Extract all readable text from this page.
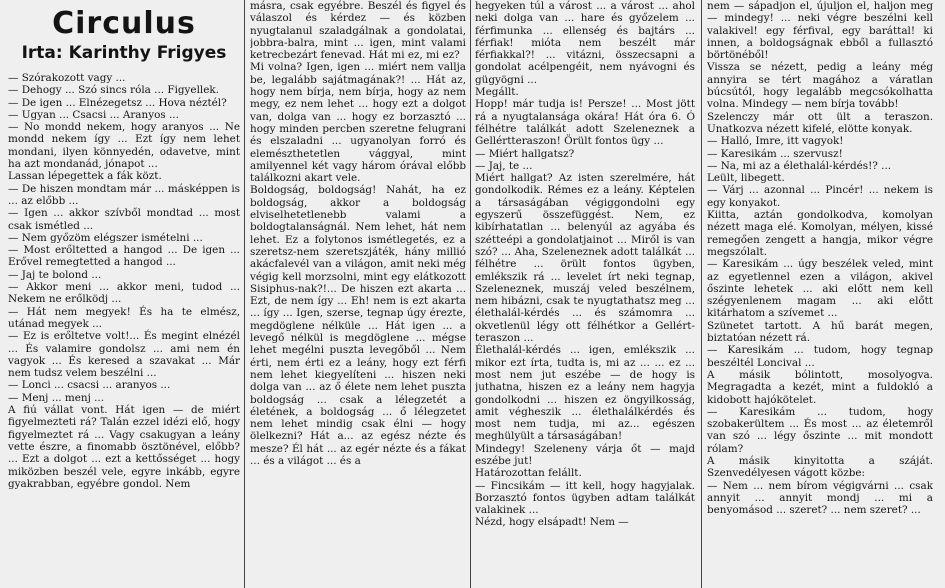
Circulus
Irta: Karinthy Frigyes

— Szórakozott vagy ...

— Dehogy ... Szó sincs róla ... Figyellek.

— De igen ... Elnézegetsz ... Hova néztél?

— Ugyan ... Csacsi ... Aranyos ...

— No mondd nekem, hogy aranyos ... Ne mondd nekem így ... Ezt így nem lehet mondani, ilyen könnyedén, odavetve, mint ha azt mondanád, jónapot ...

Lassan lépegettek a fák közt.

— De hiszen mondtam már ... másképpen is ... az előbb ...

— Igen ... akkor szívből mondtad ... most csak ismétled ...

— Nem győzöm elégszer ismételni ...

— Most erőltetted a hangod ... De igen ... Erővel remegtetted a hangod ...

— Jaj te bolond ...

— Akkor meni ... akkor meni, tudod ... Nekem ne erőlködj ...

— Hát nem megyek! És ha te elmész, utánad megyek ...

— Ez is erőltetve volt!... És megint elnézél ... És valamire gondolsz ... ami nem én vagyok ... És keresed a szavakat ... Már nem tudsz velem beszélni ...

— Lonci ... csacsi ... aranyos ...

— Menj ... menj ...

A fiú vállat vont. Hát igen — de miért figyelmezteti rá? Talán ezzel idézi elő, hogy figyelmeztet rá ... Vagy csakugyan a leány vette észre, a finomabb ösztönével, előbb? ... Ezt a dolgot ... ezt a kettősséget ... hogy miközben beszél vele, egyre inkább, egyre gyakrabban, egyébre gondol. Nem

másra, csak egyébre. Beszél és figyel és válaszol és kérdez — és közben nyugtalanul szaladgálnak a gondolatai, jobbra-balra, mint ... igen, mint valami ketrecbezárt fenevad. Hát mi ez, mi ez?

Mi volna? Igen, igen ... miért nem vallja be, legalább sajátmagának?! ... Hát az, hogy nem bírja, nem bírja, hogy az nem megy, ez nem lehet ... hogy ezt a dolgot van, dolga van ... hogy ez borzasztó ... hogy minden percben szeretne felugrani és elszaladni ... ugyanolyan forró és elemészthetetlen vággyal, mint amilyennel két vagy három órával előbb találkozni akart vele.

Boldogság, boldogság! Nahát, ha ez boldogság, akkor a boldogság elviselhetetlenebb valami a boldogtalanságnál. Nem lehet, hát nem lehet. Ez a folytonos ismétlegetés, ez a szeretsz-nem szeretszjáték, hány millió akácfalevél van a világon, amit neki még végig kell morzsolni, mint egy elátkozott Sisiphus-nak?!... De hiszen ezt akarta ... Ezt, de nem így ... Eh! nem is ezt akarta ... így ... Igen, szerse, tegnap úgy érezte, megdöglene nélküle ... Hát igen ... a levegő nélkül is megdöglene ... mégse lehet megélni puszta levegőből ... Nem érti, nem érti ez a leány, hogy ezt férfi nem lehet kiegyelíteni ... hiszen neki dolga van ... az ő élete nem lehet puszta boldogság ... csak a lélegzetét a életének, a boldogság ... ő lélegzetet nem lehet mindig csak élni — hogy ölelkezni? Hát a... az egész nézte és mesze? Él hát ... az egér nézte és a fákat ... és a világot ... és a

hegyeken túl a várost ... a várost ... ahol neki dolga van ... hare és győzelem ... férfimunka ... ellenség és bajtárs ... férfiak! mióta nem beszélt már férfiakkal?! ... vitázni, összecsapni a gondolat acélpengéit, nem nyávogni és gügyögni ...

Megállt.

Hopp! már tudja is! Persze! ... Most jött rá a nyugtalansága okára! Hát óra 6. Ó félhétre találkát adott Szeleneznek a Gellértteraszon! Örült fontos ügy ...

— Miért hallgatsz?

— Jaj, te ...

Miért hallgat? Az isten szerelmére, hát gondolkodik. Rémes ez a leány. Képtelen a társaságában végiggondolni egy egyszerű összefüggést. Nem, ez kibírhatatlan ... belenyúl az agyába és szétteépi a gondolatjainot ... Miről is van szó? ... Aha, Szeleneznek adott találkát ... félhétre ... örült fontos ügyben, emlékszik rá ... levelet írt neki tegnap, Szeleneznek, muszáj veled beszélnem, nem hibázni, csak te nyugtathatsz meg ... élethalál-kérdés ... és számomra ... okvetlenül légy ott félhétkor a Gellért-teraszon ...

Élethalál-kérdés ... igen, emlékszik ... mikor ezt írta, tudta is, mi az ... ... ez ... most nem jut eszébe — de hogy is juthatna, hiszen ez a leány nem hagyja gondolkodni ... hiszen ez öngyilkosság, amit végheszik ... élethalálkérdés és most nem tudja, mi az... egészen meghülyült a társaságában!

Mindegy! Szeleneny várja őt — majd eszébe jut!

Határozottan felállt.

— Fincsikám — itt kell, hogy hagyjalak. Borzasztó fontos ügyben adtam találkát valakinek ...

Nézd, hogy elsápadt! Nem —

nem — sápadjon el, újuljon el, haljon meg — mindegy! ... neki végre beszélni kell valakivel! egy férfival, egy baráttal! ki innen, a boldogságnak ebből a fullasztó börtönéből!

Vissza se nézett, pedig a leány még annyira se tért magához a váratlan búcsútól, hogy legalább megcsókolhatta volna. Mindegy — nem bírja tovább!

Szelenczy már ott ült a teraszon. Unatkozva nézett kifelé, elötte konyak.

— Halló, Imre, itt vagyok!

— Karesikám ... szervusz!

— Na, mi az a élethalál-kérdés!? ...

Leült, libegett.

— Várj ... azonnal ... Pincér! ... nekem is egy konyakot.

Kiitta, aztán gondolkodva, komolyan nézett maga elé. Komolyan, mélyen, kissé remegően zengett a hangja, mikor végre megszólalt.

— Karesikám ... úgy beszélek veled, mint az egyetlennel ezen a világon, akivel őszinte lehetek ... aki előtt nem kell szégyenlenem magam ... aki előtt kitárhatom a szívemet ...

Szünetet tartott. A hű barát megen, biztatóan nézett rá.

— Karesikám ... tudom, hogy tegnap beszéltél Loncival ...

A másik bólintott, mosolyogva. Megragadta a kezét, mint a fuldokló a kidobott hajókötelet.

— Karesikám ... tudom, hogy szobakerültem ... És most ... az életemről van szó ... légy őszinte ... mit mondott rólam?

A másik kinyitotta a száját. Szenvedélyesen vágott közbe:

— Nem ... nem bírom végigvárni ... csak annyit ... annyit mondj ... mi a benyomásod ... szeret? ... nem szeret? ...
